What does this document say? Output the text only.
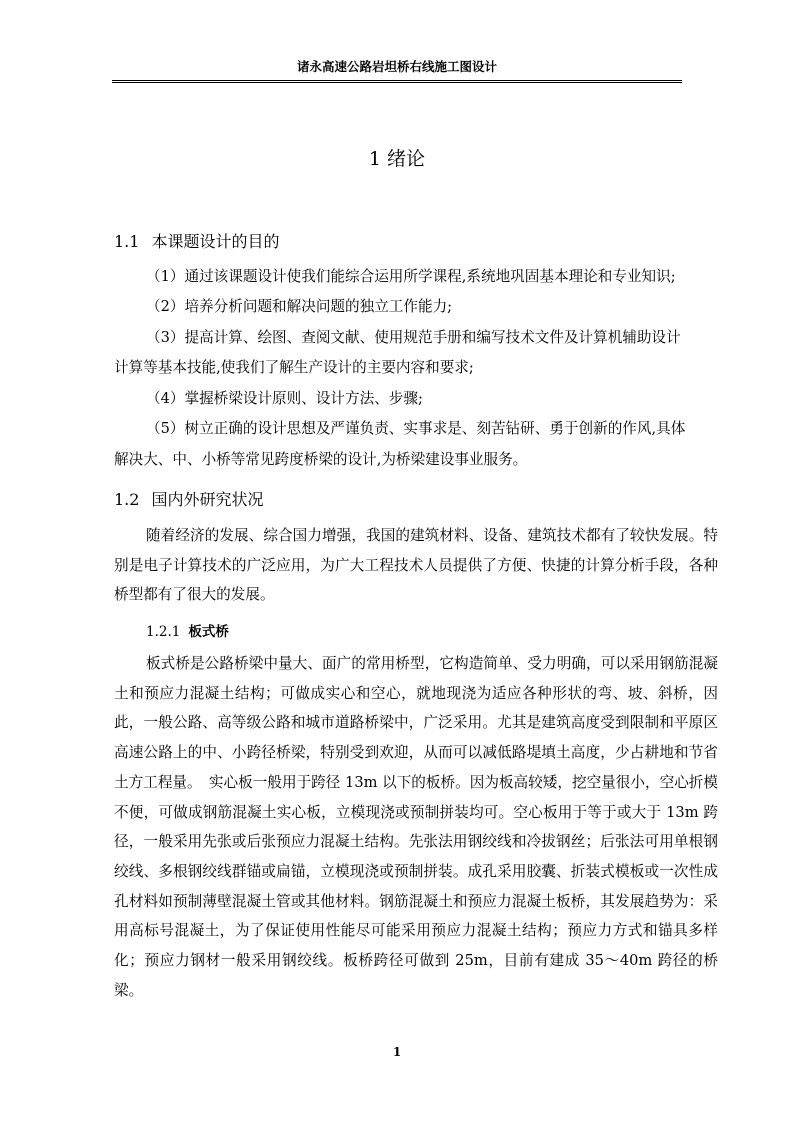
诸永高速公路岩坦桥右线施工图设计
1 绪论
1.1 本课题设计的目的
（1）通过该课题设计使我们能综合运用所学课程,系统地巩固基本理论和专业知识;
（2）培养分析问题和解决问题的独立工作能力;
（3）提高计算、绘图、查阅文献、使用规范手册和编写技术文件及计算机辅助设计
计算等基本技能,使我们了解生产设计的主要内容和要求;
（4）掌握桥梁设计原则、设计方法、步骤;
（5）树立正确的设计思想及严谨负责、实事求是、刻苦钻研、勇于创新的作风,具体
解决大、中、小桥等常见跨度桥梁的设计,为桥梁建设事业服务。
1.2 国内外研究状况

随着经济的发展、综合国力增强，我国的建筑材料、设备、建筑技术都有了较快发展。特别是电子计算技术的广泛应用，为广大工程技术人员提供了方便、快捷的计算分析手段，各种桥型都有了很大的发展。

1.2.1 板式桥

板式桥是公路桥梁中量大、面广的常用桥型，它构造简单、受力明确，可以采用钢筋混凝土和预应力混凝土结构；可做成实心和空心，就地现浇为适应各种形状的弯、坡、斜桥，因此，一般公路、高等级公路和城市道路桥梁中，广泛采用。尤其是建筑高度受到限制和平原区高速公路上的中、小跨径桥梁，特别受到欢迎，从而可以减低路堤填土高度，少占耕地和节省土方工程量。　实心板一般用于跨径 13m 以下的板桥。因为板高较矮，挖空量很小，空心折模不便，可做成钢筋混凝土实心板，立模现浇或预制拼装均可。空心板用于等于或大于 13m 跨径，一般采用先张或后张预应力混凝土结构。先张法用钢绞线和冷拔钢丝；后张法可用单根钢绞线、多根钢绞线群锚或扁锚，立模现浇或预制拼装。成孔采用胶囊、折装式模板或一次性成孔材料如预制薄壁混凝土管或其他材料。钢筋混凝土和预应力混凝土板桥，其发展趋势为：采用高标号混凝土，为了保证使用性能尽可能采用预应力混凝土结构；预应力方式和锚具多样化；预应力钢材一般采用钢绞线。板桥跨径可做到 25m，目前有建成 35～40m 跨径的桥梁。

1
